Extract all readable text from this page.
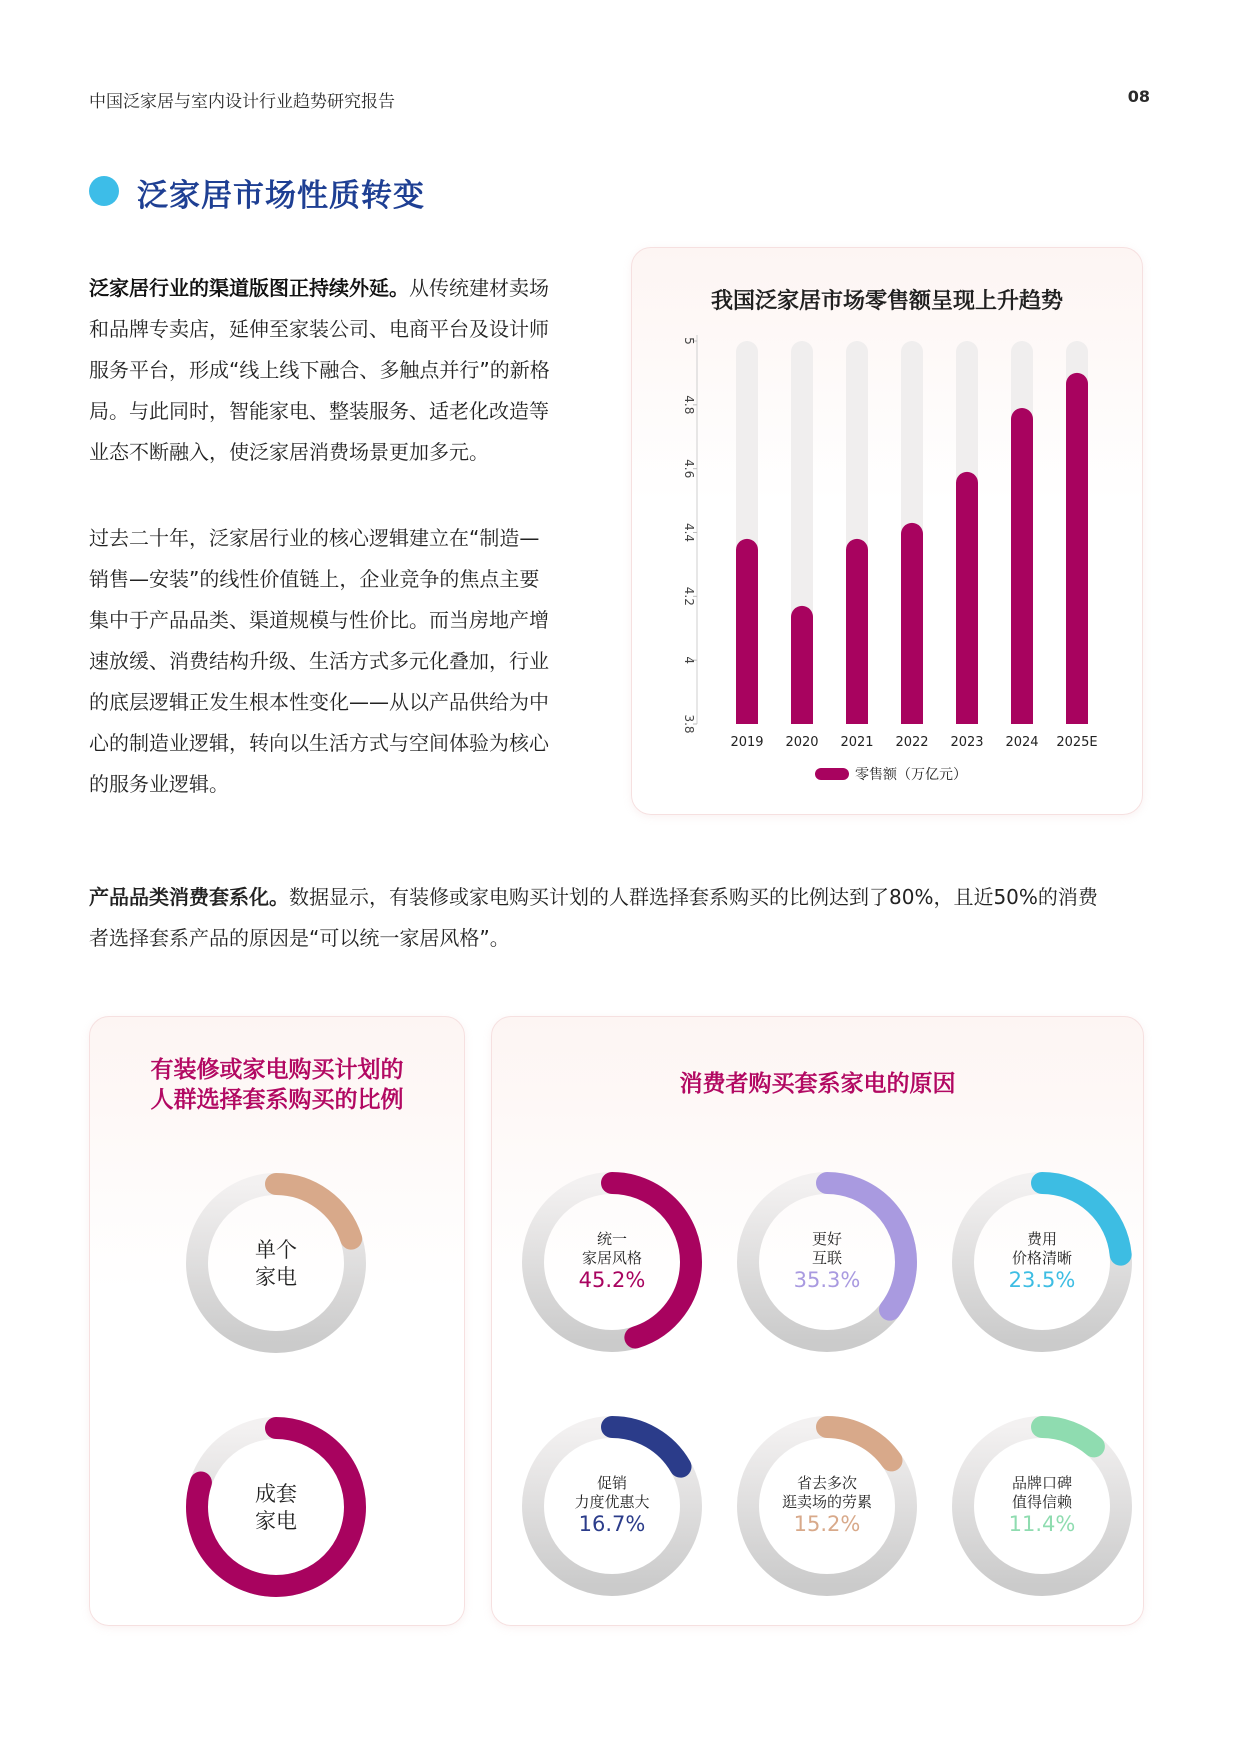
中国泛家居与室内设计行业趋势研究报告	08
泛家居市场性质转变
泛家居行业的渠道版图正持续外延。从传统建材卖场
和品牌专卖店，延伸至家装公司、电商平台及设计师
服务平台，形成“线上线下融合、多触点并行”的新格
局。与此同时，智能家电、整装服务、适老化改造等
业态不断融入，使泛家居消费场景更加多元。
过去二十年，泛家居行业的核心逻辑建立在“制造—
销售—安装”的线性价值链上，企业竞争的焦点主要
集中于产品品类、渠道规模与性价比。而当房地产增
速放缓、消费结构升级、生活方式多元化叠加，行业
的底层逻辑正发生根本性变化——从以产品供给为中
心的制造业逻辑，转向以生活方式与空间体验为核心
的服务业逻辑。
我国泛家居市场零售额呈现上升趋势
3.8
4
4.2
4.4
4.6
4.8
5
2019 2020 2021 2022 2023 2024 2025E
零售额（万亿元）
产品品类消费套系化。数据显示，有装修或家电购买计划的人群选择套系购买的比例达到了80%，且近50%的消费
者选择套系产品的原因是“可以统一家居风格”。
有装修或家电购买计划的
人群选择套系购买的比例
单个
家电
成套
家电
消费者购买套系家电的原因
统一
家居风格
45.2%
更好
互联
35.3%
费用
价格清晰
23.5%
促销
力度优惠大
16.7%
省去多次
逛卖场的劳累
15.2%
品牌口碑
值得信赖
11.4%
